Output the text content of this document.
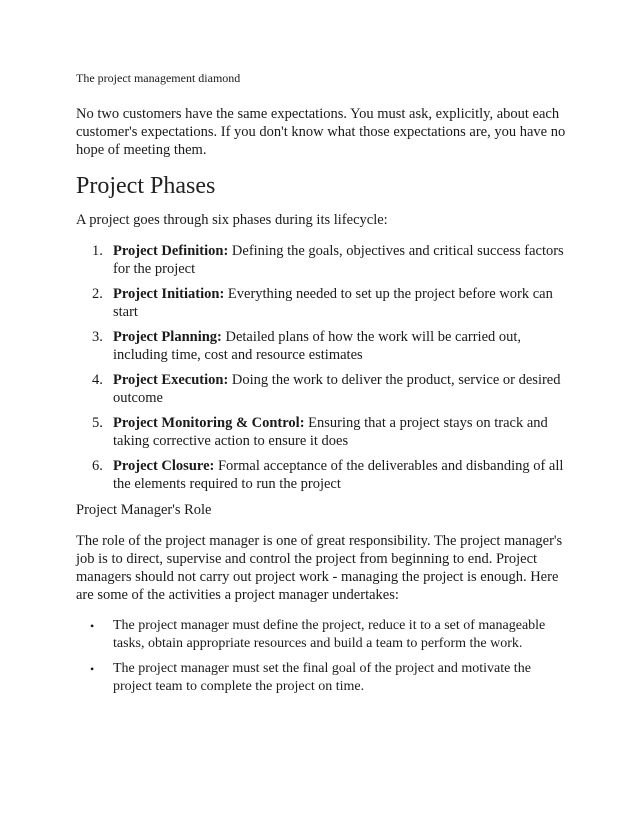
The project management diamond

No two customers have the same expectations. You must ask, explicitly, about each customer's expectations. If you don't know what those expectations are, you have no hope of meeting them.

Project Phases

A project goes through six phases during its lifecycle:

1. Project Definition: Defining the goals, objectives and critical success factors for the project
2. Project Initiation: Everything needed to set up the project before work can start
3. Project Planning: Detailed plans of how the work will be carried out, including time, cost and resource estimates
4. Project Execution: Doing the work to deliver the product, service or desired outcome
5. Project Monitoring & Control: Ensuring that a project stays on track and taking corrective action to ensure it does
6. Project Closure: Formal acceptance of the deliverables and disbanding of all the elements required to run the project
Project Manager's Role

The role of the project manager is one of great responsibility. The project manager's job is to direct, supervise and control the project from beginning to end. Project managers should not carry out project work - managing the project is enough. Here are some of the activities a project manager undertakes:

• The project manager must define the project, reduce it to a set of manageable tasks, obtain appropriate resources and build a team to perform the work.
• The project manager must set the final goal of the project and motivate the project team to complete the project on time.
